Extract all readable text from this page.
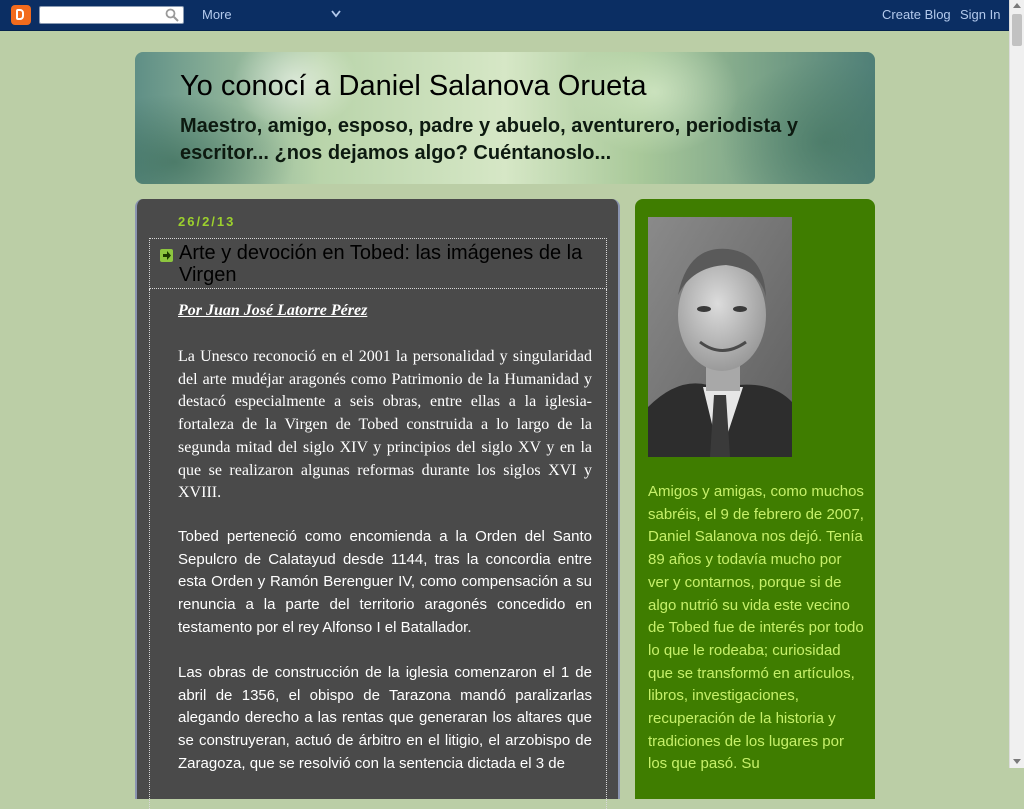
More	Create Blog Sign In
Yo conocí a Daniel Salanova Orueta

Maestro, amigo, esposo, padre y abuelo, aventurero, periodista y escritor... ¿nos dejamos algo? Cuéntanoslo...

26/2/13
Arte y devoción en Tobed: las imágenes de la Virgen
Por Juan José Latorre Pérez

La Unesco reconoció en el 2001 la personalidad y singularidad del arte mudéjar aragonés como Patrimonio de la Humanidad y destacó especialmente a seis obras, entre ellas a la iglesia-fortaleza de la Virgen de Tobed construida a lo largo de la segunda mitad del siglo XIV y principios del siglo XV y en la que se realizaron algunas reformas durante los siglos XVI y XVIII.

Tobed perteneció como encomienda a la Orden del Santo Sepulcro de Calatayud desde 1144, tras la concordia entre esta Orden y Ramón Berenguer IV, como compensación a su renuncia a la parte del territorio aragonés concedido en testamento por el rey Alfonso I el Batallador.

Las obras de construcción de la iglesia comenzaron el 1 de abril de 1356, el obispo de Tarazona mandó paralizarlas alegando derecho a las rentas que generaran los altares que se construyeran, actuó de árbitro en el litigio, el arzobispo de Zaragoza, que se resolvió con la sentencia dictada el 3 de

Amigos y amigas, como muchos sabréis, el 9 de febrero de 2007, Daniel Salanova nos dejó. Tenía 89 años y todavía mucho por ver y contarnos, porque si de algo nutrió su vida este vecino de Tobed fue de interés por todo lo que le rodeaba; curiosidad que se transformó en artículos, libros, investigaciones, recuperación de la historia y tradiciones de los lugares por los que pasó. Su
